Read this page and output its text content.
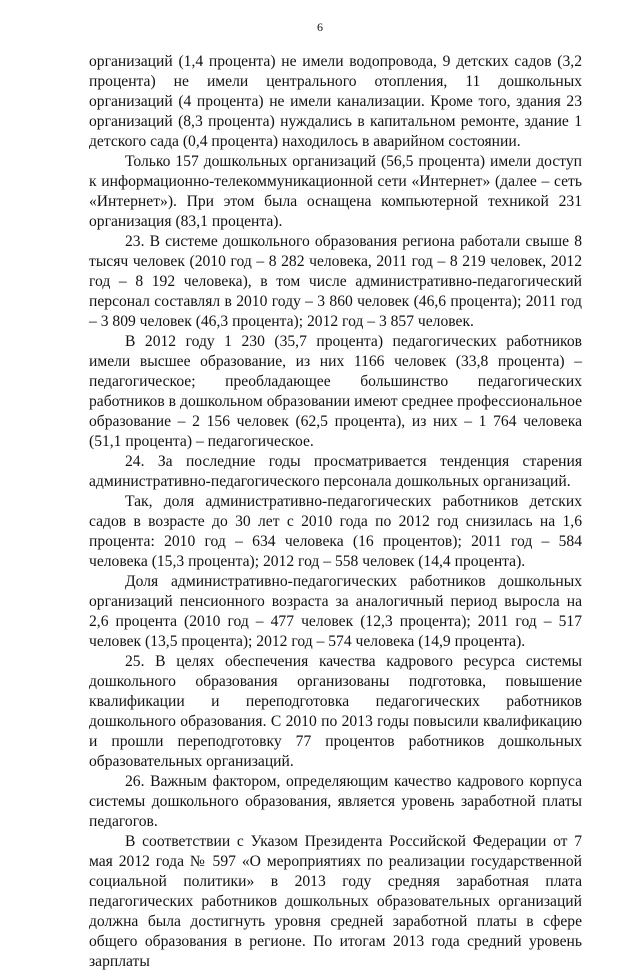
6

организаций (1,4 процента) не имели водопровода, 9 детских садов (3,2 процента) не имели центрального отопления, 11 дошкольных организаций (4 процента) не имели канализации. Кроме того, здания 23 организаций (8,3 процента) нуждались в капитальном ремонте, здание 1 детского сада (0,4 процента) находилось в аварийном состоянии.

Только 157 дошкольных организаций (56,5 процента) имели доступ к информационно-телекоммуникационной сети «Интернет» (далее – сеть «Интернет»). При этом была оснащена компьютерной техникой 231 организация (83,1 процента).

23. В системе дошкольного образования региона работали свыше 8 тысяч человек (2010 год – 8 282 человека, 2011 год – 8 219 человек, 2012 год – 8 192 человека), в том числе административно-педагогический персонал составлял в 2010 году – 3 860 человек (46,6 процента); 2011 год – 3 809 человек (46,3 процента); 2012 год – 3 857 человек.

В 2012 году 1 230 (35,7 процента) педагогических работников имели высшее образование, из них 1166 человек (33,8 процента) – педагогическое; преобладающее большинство педагогических работников в дошкольном образовании имеют среднее профессиональное образование – 2 156 человек (62,5 процента), из них – 1 764 человека (51,1 процента) – педагогическое.

24. За последние годы просматривается тенденция старения административно-педагогического персонала дошкольных организаций.

Так, доля административно-педагогических работников детских садов в возрасте до 30 лет с 2010 года по 2012 год снизилась на 1,6 процента: 2010 год – 634 человека (16 процентов); 2011 год – 584 человека (15,3 процента); 2012 год – 558 человек (14,4 процента).

Доля административно-педагогических работников дошкольных организаций пенсионного возраста за аналогичный период выросла на 2,6 процента (2010 год – 477 человек (12,3 процента); 2011 год – 517 человек (13,5 процента); 2012 год – 574 человека (14,9 процента).

25. В целях обеспечения качества кадрового ресурса системы дошкольного образования организованы подготовка, повышение квалификации и переподготовка педагогических работников дошкольного образования. С 2010 по 2013 годы повысили квалификацию и прошли переподготовку 77 процентов работников дошкольных образовательных организаций.

26. Важным фактором, определяющим качество кадрового корпуса системы дошкольного образования, является уровень заработной платы педагогов.

В соответствии с Указом Президента Российской Федерации от 7 мая 2012 года № 597 «О мероприятиях по реализации государственной социальной политики» в 2013 году средняя заработная плата педагогических работников дошкольных образовательных организаций должна была достигнуть уровня средней заработной платы в сфере общего образования в регионе. По итогам 2013 года средний уровень зарплаты
